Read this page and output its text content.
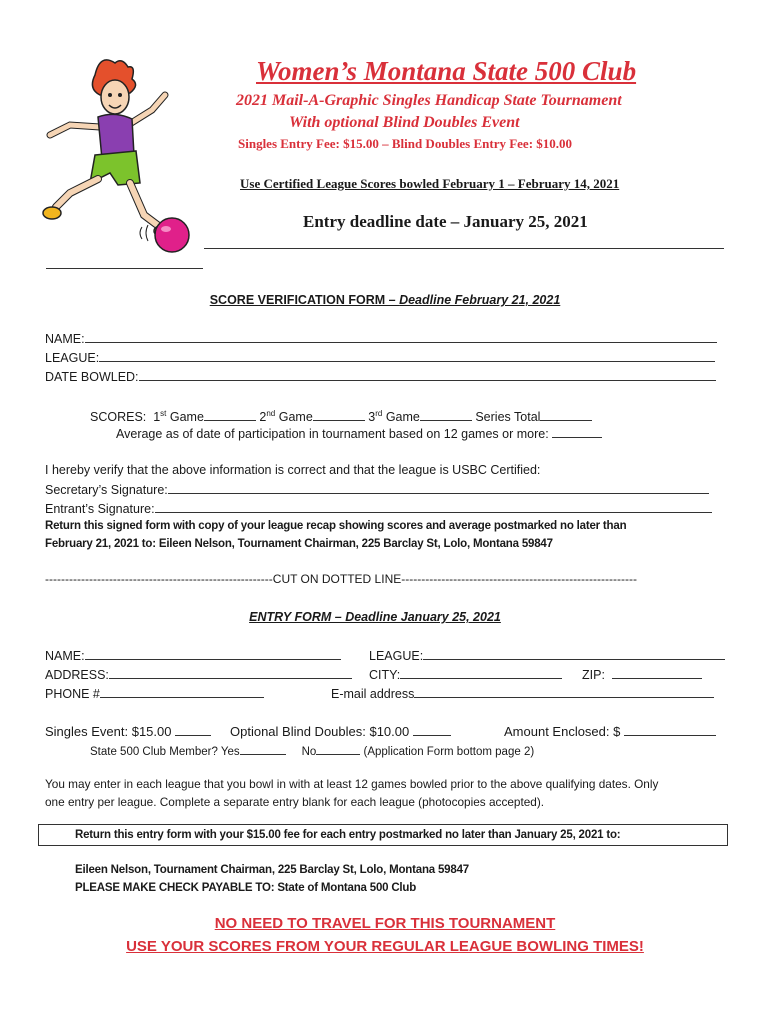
Women’s Montana State 500 Club
2021 Mail-A-Graphic Singles Handicap State Tournament
With optional Blind Doubles Event
Singles Entry Fee: $15.00 – Blind Doubles Entry Fee: $10.00
Use Certified League Scores bowled February 1 – February 14, 2021
Entry deadline date – January 25, 2021
SCORE VERIFICATION FORM – Deadline February 21, 2021
NAME:
LEAGUE:
DATE BOWLED:
SCORES: 1st Game	2nd Game	3rd Game	Series Total
Average as of date of participation in tournament based on 12 games or more:
I hereby verify that the above information is correct and that the league is USBC Certified:
Secretary’s Signature:
Entrant’s Signature:
Return this signed form with copy of your league recap showing scores and average postmarked no later than
February 21, 2021 to: Eileen Nelson, Tournament Chairman, 225 Barclay St, Lolo, Montana 59847
---------------------------------------------------------CUT ON DOTTED LINE-----------------------------------------------------------
ENTRY FORM – Deadline January 25, 2021
NAME:	LEAGUE:
ADDRESS:	CITY:	ZIP:
PHONE #	E-mail address
Singles Event: $15.00	Optional Blind Doubles: $10.00	Amount Enclosed: $
State 500 Club Member? Yes	No	(Application Form bottom page 2)
You may enter in each league that you bowl in with at least 12 games bowled prior to the above qualifying dates. Only
one entry per league. Complete a separate entry blank for each league (photocopies accepted).
Return this entry form with your $15.00 fee for each entry postmarked no later than January 25, 2021 to:
Eileen Nelson, Tournament Chairman, 225 Barclay St, Lolo, Montana 59847
PLEASE MAKE CHECK PAYABLE TO: State of Montana 500 Club
NO NEED TO TRAVEL FOR THIS TOURNAMENT
USE YOUR SCORES FROM YOUR REGULAR LEAGUE BOWLING TIMES!
